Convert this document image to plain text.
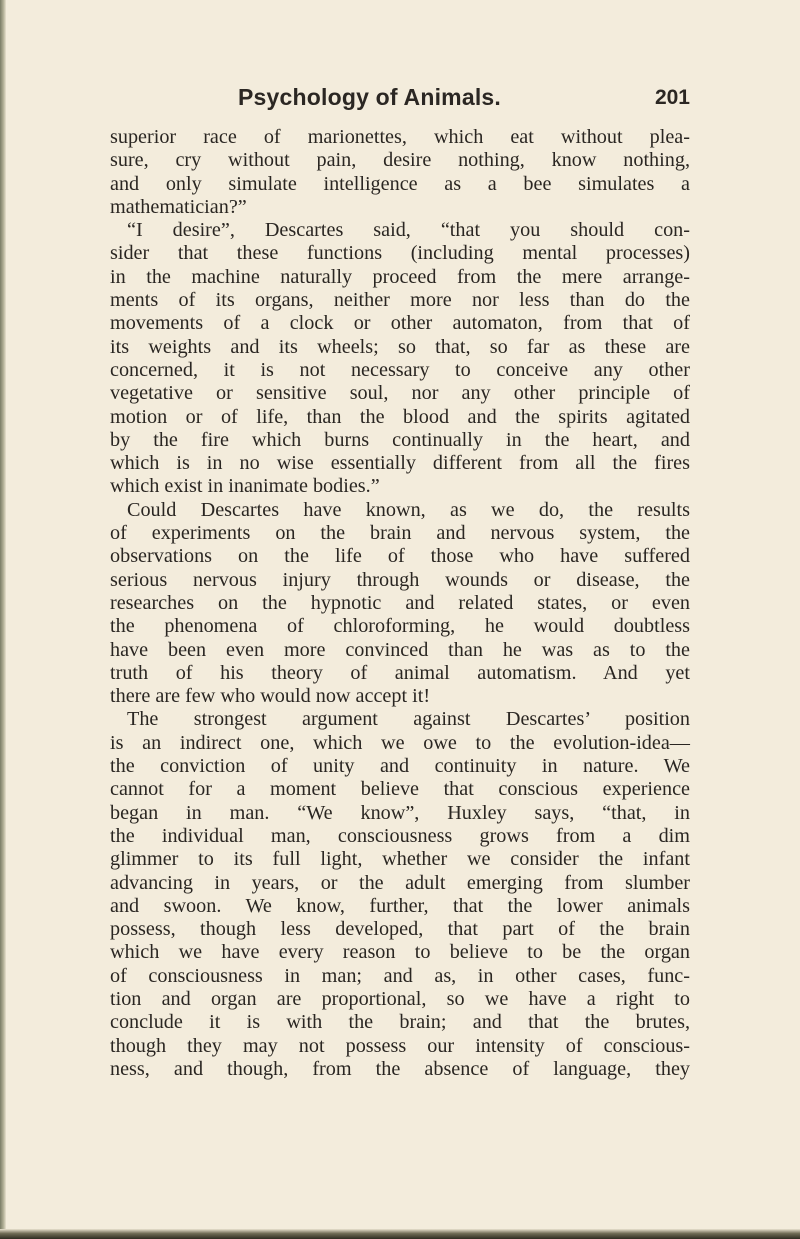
Psychology of Animals.	201
superior race of marionettes, which eat without plea-
sure, cry without pain, desire nothing, know nothing,
and only simulate intelligence as a bee simulates a
mathematician?”
“I desire”, Descartes said, “that you should con-
sider that these functions (including mental processes)
in the machine naturally proceed from the mere arrange-
ments of its organs, neither more nor less than do the
movements of a clock or other automaton, from that of
its weights and its wheels; so that, so far as these are
concerned, it is not necessary to conceive any other
vegetative or sensitive soul, nor any other principle of
motion or of life, than the blood and the spirits agitated
by the fire which burns continually in the heart, and
which is in no wise essentially different from all the fires
which exist in inanimate bodies.”
Could Descartes have known, as we do, the results
of experiments on the brain and nervous system, the
observations on the life of those who have suffered
serious nervous injury through wounds or disease, the
researches on the hypnotic and related states, or even
the phenomena of chloroforming, he would doubtless
have been even more convinced than he was as to the
truth of his theory of animal automatism. And yet
there are few who would now accept it!
The strongest argument against Descartes’ position
is an indirect one, which we owe to the evolution-idea—
the conviction of unity and continuity in nature. We
cannot for a moment believe that conscious experience
began in man. “We know”, Huxley says, “that, in
the individual man, consciousness grows from a dim
glimmer to its full light, whether we consider the infant
advancing in years, or the adult emerging from slumber
and swoon. We know, further, that the lower animals
possess, though less developed, that part of the brain
which we have every reason to believe to be the organ
of consciousness in man; and as, in other cases, func-
tion and organ are proportional, so we have a right to
conclude it is with the brain; and that the brutes,
though they may not possess our intensity of conscious-
ness, and though, from the absence of language, they
